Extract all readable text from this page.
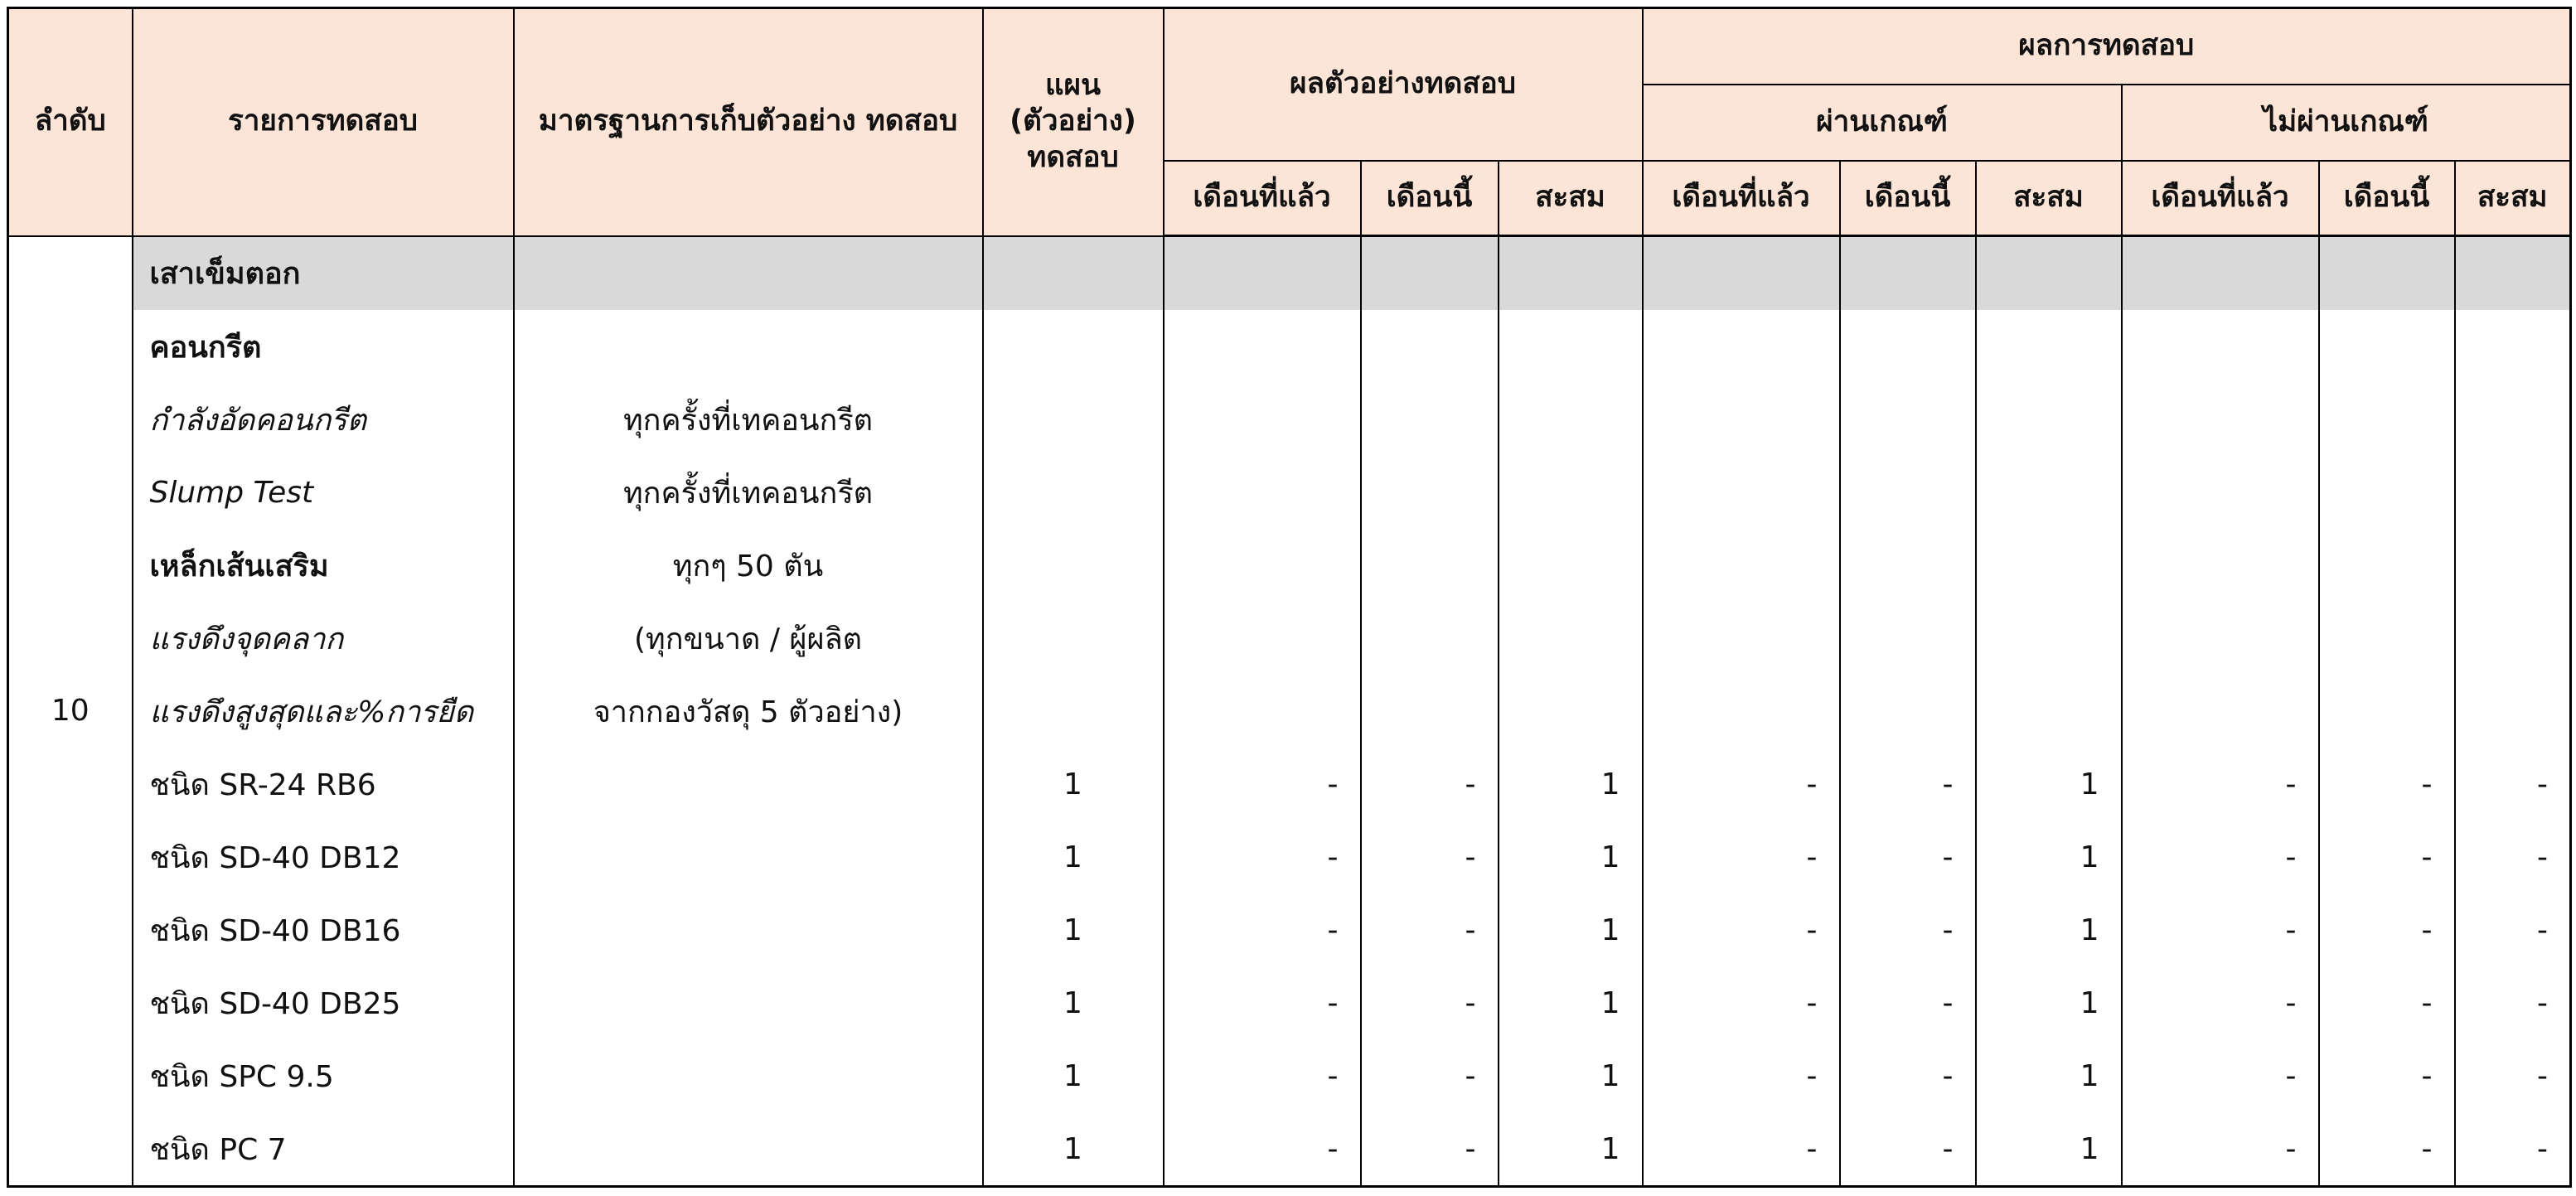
ลำดับ	รายการทดสอบ	มาตรฐานการเก็บตัวอย่าง ทดสอบ	แผน (ตัวอย่าง) ทดสอบ	ผลตัวอย่างทดสอบ			ผลการทดสอบ					
							ผ่านเกณฑ์			ไม่ผ่านเกณฑ์		
				เดือนที่แล้ว	เดือนนี้	สะสม	เดือนที่แล้ว	เดือนนี้	สะสม	เดือนที่แล้ว	เดือนนี้	สะสม
10	เสาเข็มตอก											
	คอนกรีต											
	กำลังอัดคอนกรีต	ทุกครั้งที่เทคอนกรีต										
	Slump Test	ทุกครั้งที่เทคอนกรีต										
	เหล็กเส้นเสริม	ทุกๆ 50 ตัน										
	แรงดึงจุดคลาก	(ทุกขนาด / ผู้ผลิต										
	แรงดึงสูงสุดและ%การยืด	จากกองวัสดุ 5 ตัวอย่าง)										
	ชนิด SR-24 RB6		1	-	-	1	-	-	1	-	-	-
	ชนิด SD-40 DB12		1	-	-	1	-	-	1	-	-	-
	ชนิด SD-40 DB16		1	-	-	1	-	-	1	-	-	-
	ชนิด SD-40 DB25		1	-	-	1	-	-	1	-	-	-
	ชนิด SPC 9.5		1	-	-	1	-	-	1	-	-	-
	ชนิด PC 7		1	-	-	1	-	-	1	-	-	-
